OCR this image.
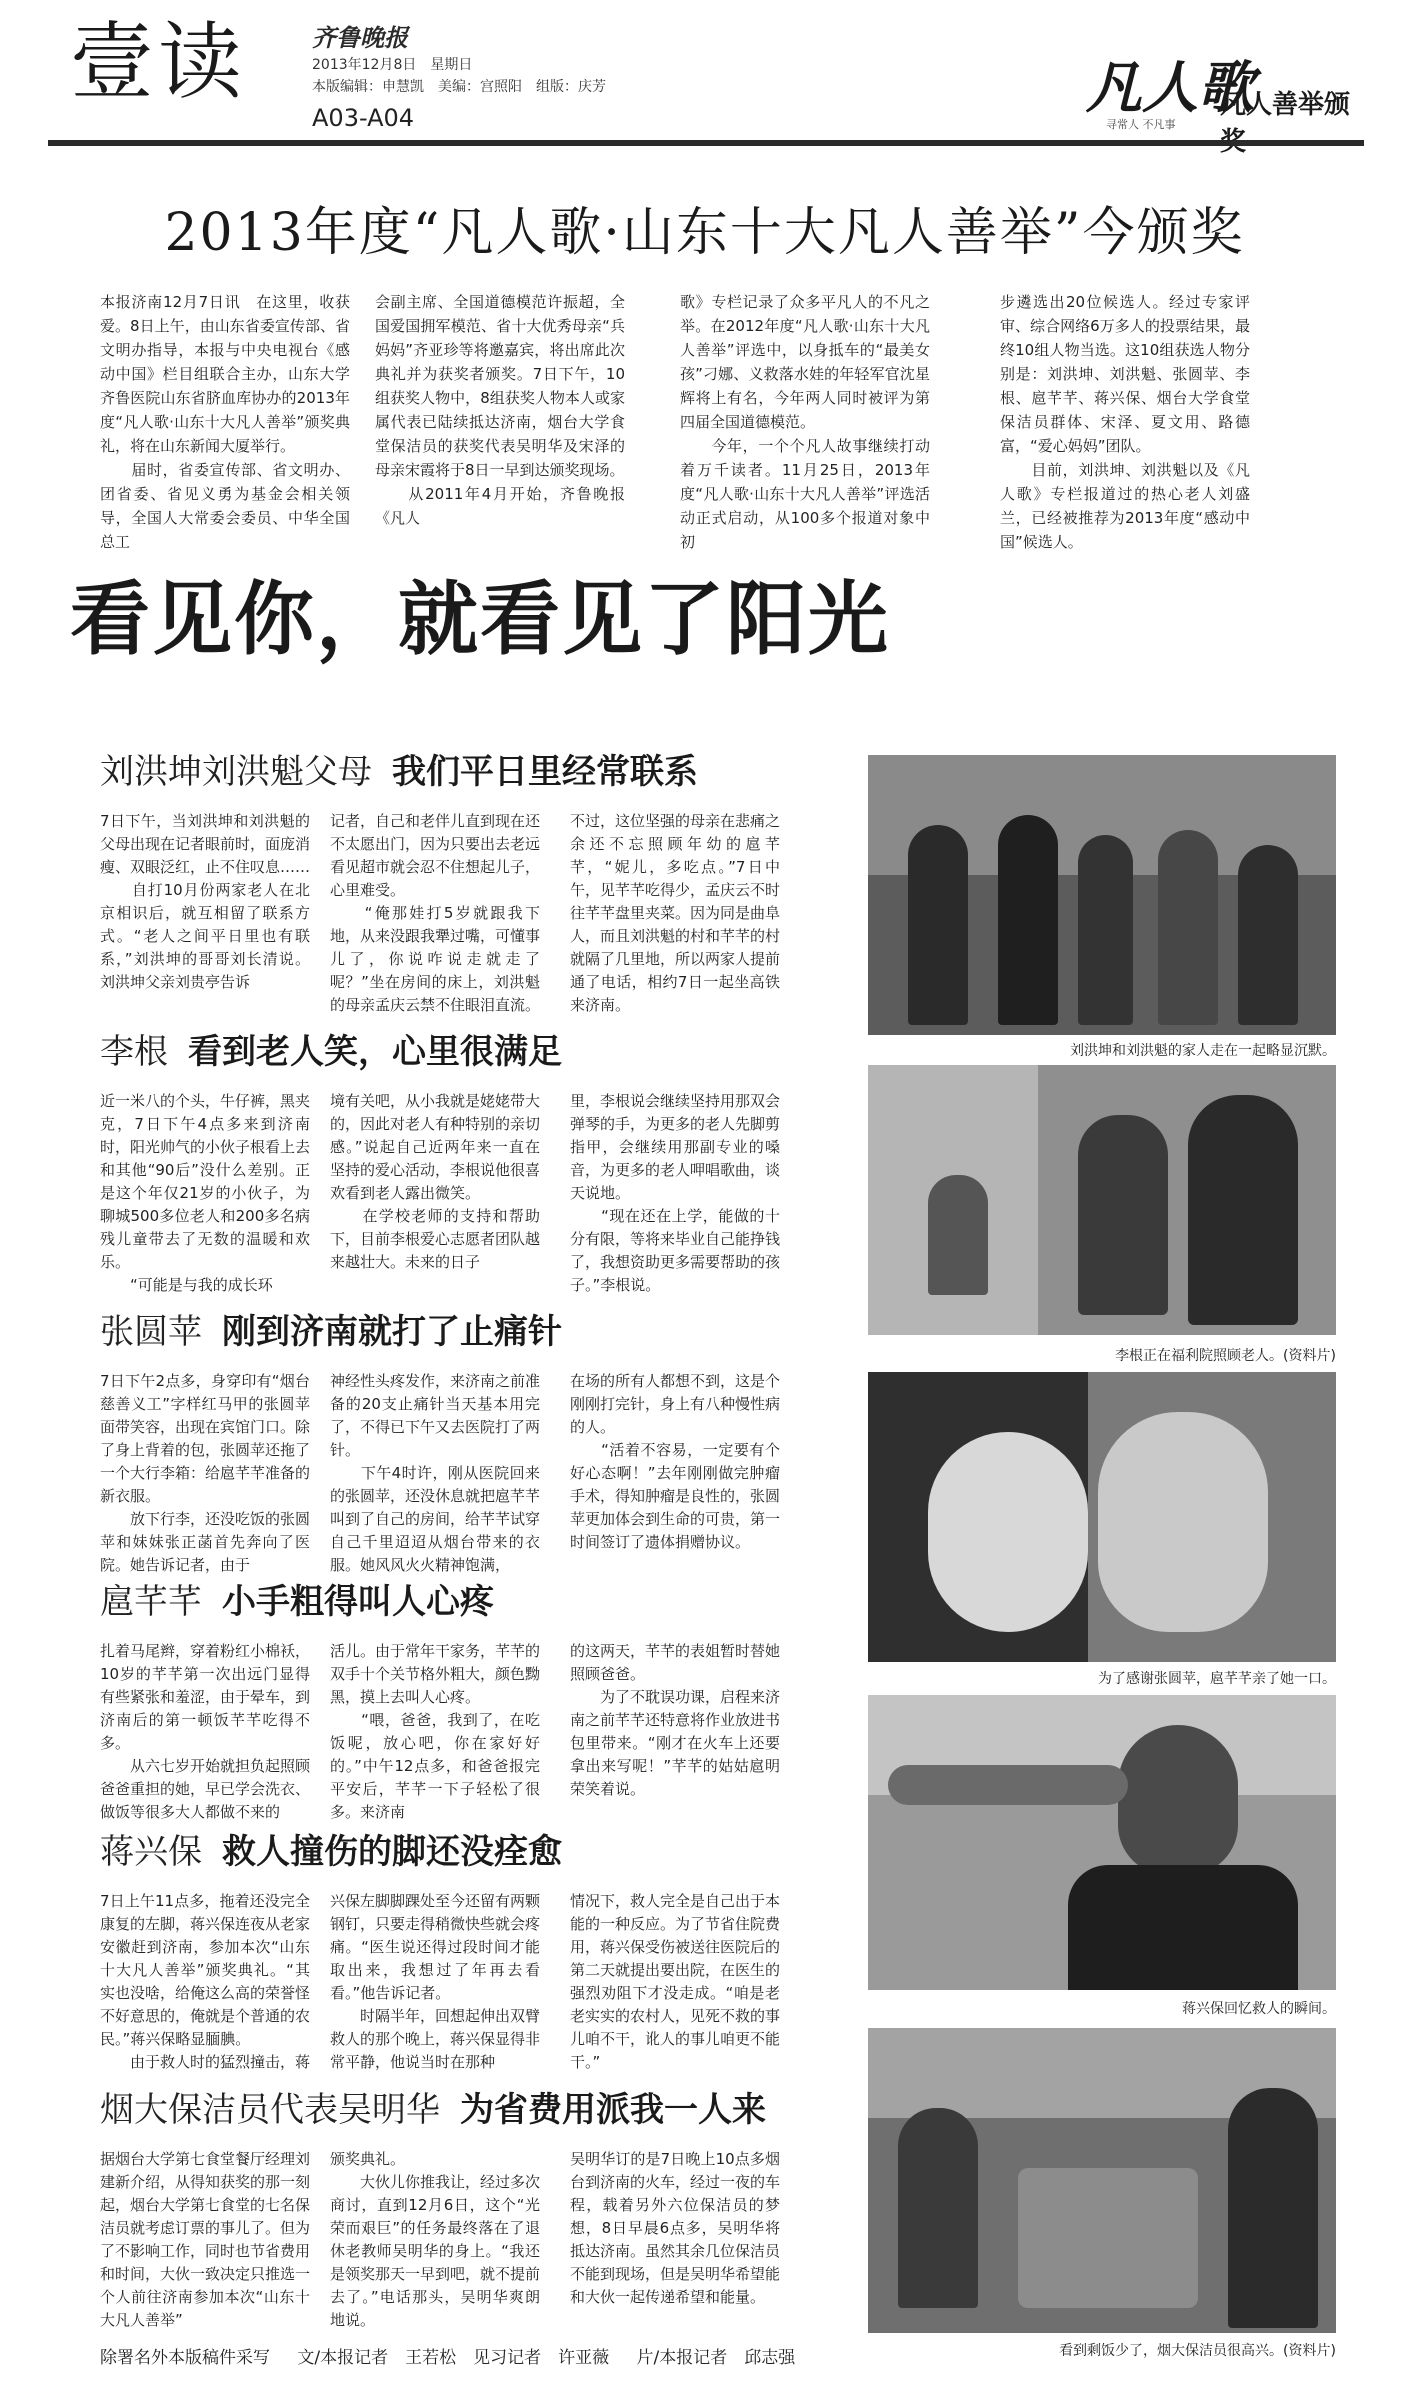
壹读	齐鲁晚报
2013年12月8日　星期日
本版编辑：申慧凯　美编：宫照阳　组版：庆芳
A03-A04	凡人歌
寻常人 不凡事
凡人善举颁
2013年度“凡人歌·山东十大凡人善举”今颁奖
本报济南12月7日讯　在这里，收获爱。8日上午，由山东省委宣传部、省文明办指导，本报与中央电视台《感动中国》栏目组联合主办，山东大学齐鲁医院山东省脐血库协办的2013年度“凡人歌·山东十大凡人善举”颁奖典礼，将在山东新闻大厦举行。
　　届时，省委宣传部、省文明办、团省委、省见义勇为基金会相关领导，全国人大常委会委员、中华全国总工
会副主席、全国道德模范许振超，全国爱国拥军模范、省十大优秀母亲“兵妈妈”齐亚珍等将邀嘉宾，将出席此次典礼并为获奖者颁奖。7日下午，10组获奖人物中，8组获奖人物本人或家属代表已陆续抵达济南，烟台大学食堂保洁员的获奖代表吴明华及宋泽的母亲宋霞将于8日一早到达颁奖现场。
　　从2011年4月开始，齐鲁晚报《凡人
歌》专栏记录了众多平凡人的不凡之举。在2012年度“凡人歌·山东十大凡人善举”评选中，以身抵车的“最美女孩”刁娜、义救落水娃的年轻军官沈星辉将上有名，今年两人同时被评为第四届全国道德模范。
　　今年，一个个凡人故事继续打动着万千读者。11月25日，2013年度“凡人歌·山东十大凡人善举”评选活动正式启动，从100多个报道对象中初
步遴选出20位候选人。经过专家评审、综合网络6万多人的投票结果，最终10组人物当选。这10组获选人物分别是：刘洪坤、刘洪魁、张圆苹、李根、扈芊芊、蒋兴保、烟台大学食堂保洁员群体、宋泽、夏文用、路德富，“爱心妈妈”团队。
　　目前，刘洪坤、刘洪魁以及《凡人歌》专栏报道过的热心老人刘盛兰，已经被推荐为2013年度“感动中国”候选人。
看见你，就看见了阳光
刘洪坤刘洪魁父母 我们平日里经常联系
7日下午，当刘洪坤和刘洪魁的父母出现在记者眼前时，面庞消瘦、双眼泛红，止不住叹息……
　　自打10月份两家老人在北京相识后，就互相留了联系方式。“老人之间平日里也有联系，”刘洪坤的哥哥刘长清说。刘洪坤父亲刘贵亭告诉
记者，自己和老伴儿直到现在还不太愿出门，因为只要出去老远看见超市就会忍不住想起儿子，心里难受。
　　“俺那娃打5岁就跟我下地，从来没跟我犟过嘴，可懂事儿了，你说咋说走就走了呢？”坐在房间的床上，刘洪魁的母亲孟庆云禁不住眼泪直流。
不过，这位坚强的母亲在悲痛之余还不忘照顾年幼的扈芊芊，“妮儿，多吃点。”7日中午，见芊芊吃得少，孟庆云不时往芊芊盘里夹菜。因为同是曲阜人，而且刘洪魁的村和芊芊的村就隔了几里地，所以两家人提前通了电话，相约7日一起坐高铁来济南。
李根 看到老人笑，心里很满足
近一米八的个头，牛仔裤，黑夹克，7日下午4点多来到济南时，阳光帅气的小伙子根看上去和其他“90后”没什么差别。正是这个年仅21岁的小伙子，为聊城500多位老人和200多名病残儿童带去了无数的温暖和欢乐。
　　“可能是与我的成长环
境有关吧，从小我就是姥姥带大的，因此对老人有种特别的亲切感。”说起自己近两年来一直在坚持的爱心活动，李根说他很喜欢看到老人露出微笑。
　　在学校老师的支持和帮助下，目前李根爱心志愿者团队越来越壮大。未来的日子
里，李根说会继续坚持用那双会弹琴的手，为更多的老人先脚剪指甲，会继续用那副专业的嗓音，为更多的老人呷唱歌曲，谈天说地。
　　“现在还在上学，能做的十分有限，等将来毕业自己能挣钱了，我想资助更多需要帮助的孩子。”李根说。
张圆苹 刚到济南就打了止痛针
7日下午2点多，身穿印有“烟台慈善义工”字样红马甲的张圆苹面带笑容，出现在宾馆门口。除了身上背着的包，张圆苹还拖了一个大行李箱：给扈芊芊准备的新衣服。
　　放下行李，还没吃饭的张圆苹和妹妹张正菡首先奔向了医院。她告诉记者，由于
神经性头疼发作，来济南之前准备的20支止痛针当天基本用完了，不得已下午又去医院打了两针。
　　下午4时许，刚从医院回来的张圆苹，还没休息就把扈芊芊叫到了自己的房间，给芊芊试穿自己千里迢迢从烟台带来的衣服。她风风火火精神饱满，
在场的所有人都想不到，这是个刚刚打完针，身上有八种慢性病的人。
　　“活着不容易，一定要有个好心态啊！”去年刚刚做完肿瘤手术，得知肿瘤是良性的，张圆苹更加体会到生命的可贵，第一时间签订了遗体捐赠协议。
扈芊芊 小手粗得叫人心疼
扎着马尾辫，穿着粉红小棉袄，10岁的芊芊第一次出远门显得有些紧张和羞涩，由于晕车，到济南后的第一顿饭芊芊吃得不多。
　　从六七岁开始就担负起照顾爸爸重担的她，早已学会洗衣、做饭等很多大人都做不来的
活儿。由于常年干家务，芊芊的双手十个关节格外粗大，颜色黝黑，摸上去叫人心疼。
　　“喂，爸爸，我到了，在吃饭呢，放心吧，你在家好好的。”中午12点多，和爸爸报完平安后，芊芊一下子轻松了很多。来济南
的这两天，芊芊的表姐暂时替她照顾爸爸。
　　为了不耽误功课，启程来济南之前芊芊还特意将作业放进书包里带来。“刚才在火车上还要拿出来写呢！”芊芊的姑姑扈明荣笑着说。
蒋兴保 救人撞伤的脚还没痊愈
7日上午11点多，拖着还没完全康复的左脚，蒋兴保连夜从老家安徽赶到济南，参加本次“山东十大凡人善举”颁奖典礼。“其实也没啥，给俺这么高的荣誉怪不好意思的，俺就是个普通的农民。”蒋兴保略显腼腆。
　　由于救人时的猛烈撞击，蒋
兴保左脚脚踝处至今还留有两颗钢钉，只要走得稍微快些就会疼痛。“医生说还得过段时间才能取出来，我想过了年再去看看。”他告诉记者。
　　时隔半年，回想起伸出双臂救人的那个晚上，蒋兴保显得非常平静，他说当时在那种
情况下，救人完全是自己出于本能的一种反应。为了节省住院费用，蒋兴保受伤被送往医院后的第二天就提出要出院，在医生的强烈劝阻下才没走成。“咱是老老实实的农村人，见死不救的事儿咱不干，讹人的事儿咱更不能干。”
烟大保洁员代表吴明华 为省费用派我一人来
据烟台大学第七食堂餐厅经理刘建新介绍，从得知获奖的那一刻起，烟台大学第七食堂的七名保洁员就考虑订票的事儿了。但为了不影响工作，同时也节省费用和时间，大伙一致决定只推选一个人前往济南参加本次“山东十大凡人善举”
颁奖典礼。
　　大伙儿你推我让，经过多次商讨，直到12月6日，这个“光荣而艰巨”的任务最终落在了退休老教师吴明华的身上。“我还是领奖那天一早到吧，就不提前去了。”电话那头，吴明华爽朗地说。
吴明华订的是7日晚上10点多烟台到济南的火车，经过一夜的车程，载着另外六位保洁员的梦想，8日早晨6点多，吴明华将抵达济南。虽然其余几位保洁员不能到现场，但是吴明华希望能和大伙一起传递希望和能量。
刘洪坤和刘洪魁的家人走在一起略显沉默。
李根正在福利院照顾老人。(资料片)
为了感谢张圆苹，扈芊芊亲了她一口。
蒋兴保回忆救人的瞬间。
看到剩饭少了，烟大保洁员很高兴。(资料片)
除署名外本版稿件采写 文/本报记者　王若松　见习记者　许亚薇 片/本报记者　邱志强
